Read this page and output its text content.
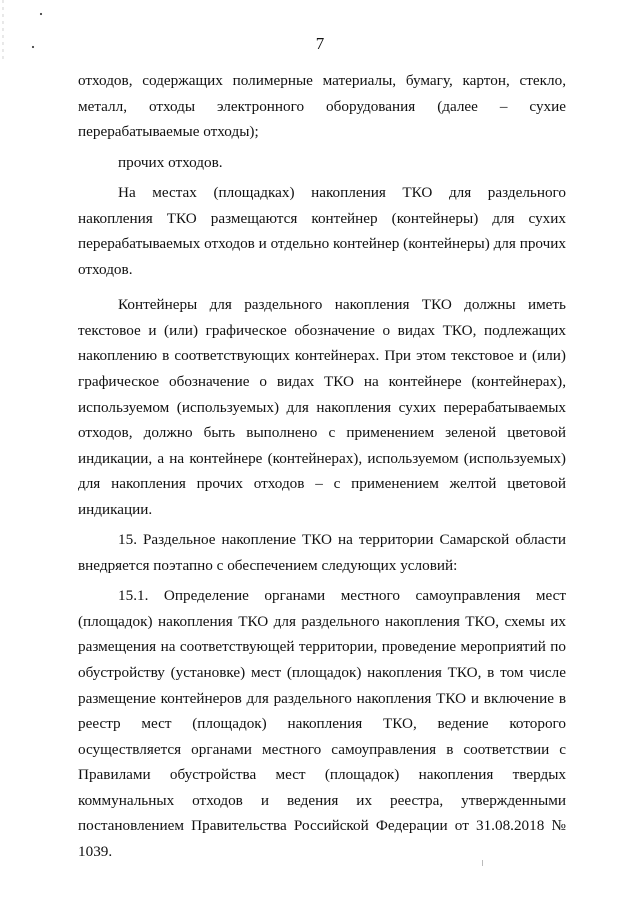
7

отходов, содержащих полимерные материалы, бумагу, картон, стекло, металл, отходы электронного оборудования (далее – сухие перерабатываемые отходы);

прочих отходов.

На местах (площадках) накопления ТКО для раздельного накопления ТКО размещаются контейнер (контейнеры) для сухих перерабатываемых отходов и отдельно контейнер (контейнеры) для прочих отходов.

Контейнеры для раздельного накопления ТКО должны иметь текстовое и (или) графическое обозначение о видах ТКО, подлежащих накоплению в соответствующих контейнерах. При этом текстовое и (или) графическое обозначение о видах ТКО на контейнере (контейнерах), используемом (используемых) для накопления сухих перерабатываемых отходов, должно быть выполнено с применением зеленой цветовой индикации, а на контейнере (контейнерах), используемом (используемых) для накопления прочих отходов – с применением желтой цветовой индикации.

15. Раздельное накопление ТКО на территории Самарской области внедряется поэтапно с обеспечением следующих условий:

15.1. Определение органами местного самоуправления мест (площадок) накопления ТКО для раздельного накопления ТКО, схемы их размещения на соответствующей территории, проведение мероприятий по обустройству (установке) мест (площадок) накопления ТКО, в том числе размещение контейнеров для раздельного накопления ТКО и включение в реестр мест (площадок) накопления ТКО, ведение которого осуществляется органами местного самоуправления в соответствии с Правилами обустройства мест (площадок) накопления твердых коммунальных отходов и ведения их реестра, утвержденными постановлением Правительства Российской Федерации от 31.08.2018 № 1039.
